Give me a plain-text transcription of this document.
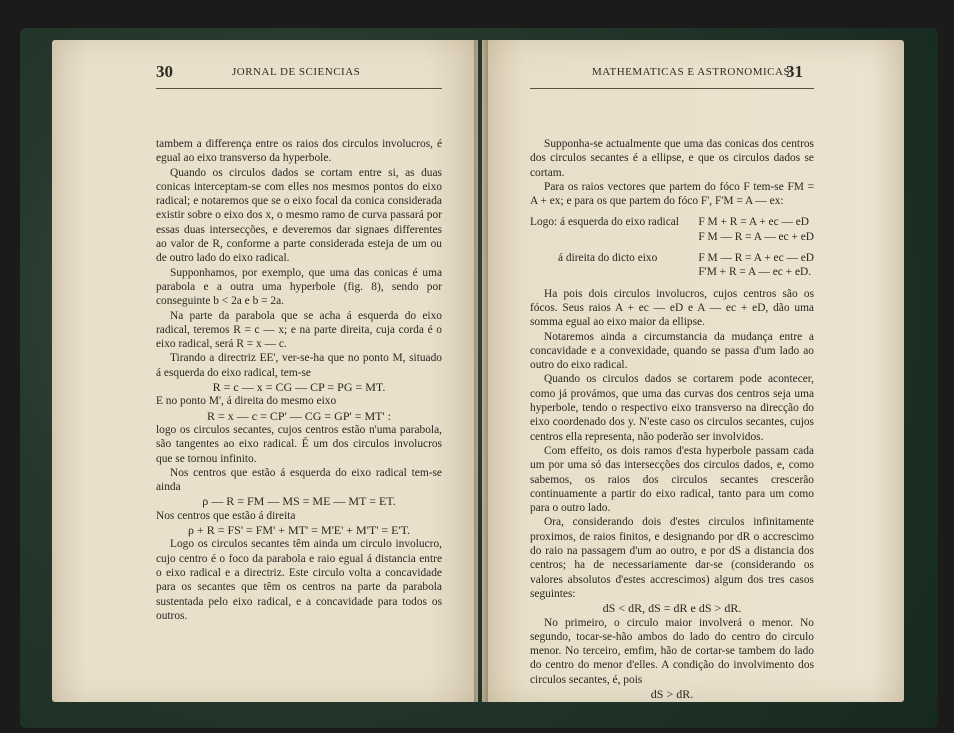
30	JORNAL DE SCIENCIAS	31
MATHEMATICAS E ASTRONOMICAS

tambem a differença entre os raios dos circulos involucros, é egual ao eixo transverso da hyperbole.

Quando os circulos dados se cortam entre si, as duas conicas interceptam-se com elles nos mesmos pontos do eixo radical; e notaremos que se o eixo focal da conica considerada existir sobre o eixo dos x, o mesmo ramo de curva passará por essas duas intersecções, e deveremos dar signaes differentes ao valor de R, conforme a parte considerada esteja de um ou de outro lado do eixo radical.

Supponhamos, por exemplo, que uma das conicas é uma parabola e a outra uma hyperbole (fig. 8), sendo por conseguinte b < 2a e b = 2a.

Na parte da parabola que se acha á esquerda do eixo radical, teremos R = c — x; e na parte direita, cuja corda é o eixo radical, será R = x — c.

Tirando a directriz EE', ver-se-ha que no ponto M, situado á esquerda do eixo radical, tem-se

R = c — x = CG — CP = PG = MT.

E no ponto M', á direita do mesmo eixo

R = x — c = CP' — CG = GP' = MT' :

logo os circulos secantes, cujos centros estão n'uma parabola, são tangentes ao eixo radical. É um dos circulos involucros que se tornou infinito.

Nos centros que estão á esquerda do eixo radical tem-se ainda

ρ — R = FM — MS = ME — MT = ET.

Nos centros que estão á direita

ρ + R = FS' = FM' + MT' = M'E' + M'T' = E'T.

Logo os circulos secantes têm ainda um circulo involucro, cujo centro é o foco da parabola e raio egual á distancia entre o eixo radical e a directriz. Este circulo volta a concavidade para os secantes que têm os centros na parte da parabola sustentada pelo eixo radical, e a concavidade para todos os outros.

Supponha-se actualmente que uma das conicas dos centros dos circulos secantes é a ellipse, e que os circulos dados se cortam.

Para os raios vectores que partem do fóco F tem-se FM = A + ex; e para os que partem do fóco F', F'M = A — ex:

Logo: á esquerda do eixo radical F M + R = A + ec — eD
F M — R = A — ec + eD
á direita do dicto eixo	F M — R = A + ec — eD
F'M + R = A — ec + eD.

Ha pois dois circulos involucros, cujos centros são os fócos. Seus raios A + ec — eD e A — ec + eD, dão uma somma egual ao eixo maior da ellipse.

Notaremos ainda a circumstancia da mudança entre a concavidade e a convexidade, quando se passa d'um lado ao outro do eixo radical.

Quando os circulos dados se cortarem pode acontecer, como já provámos, que uma das curvas dos centros seja uma hyperbole, tendo o respectivo eixo transverso na direcção do eixo coordenado dos y. N'este caso os circulos secantes, cujos centros ella representa, não poderão ser involvidos.

Com effeito, os dois ramos d'esta hyperbole passam cada um por uma só das intersecções dos circulos dados, e, como sabemos, os raios dos circulos secantes crescerão continuamente a partir do eixo radical, tanto para um como para o outro lado.

Ora, considerando dois d'estes circulos infinitamente proximos, de raios finitos, e designando por dR o accrescimo do raio na passagem d'um ao outro, e por dS a distancia dos centros; ha de necessariamente dar-se (considerando os valores absolutos d'estes accrescimos) algum dos tres casos seguintes:

dS < dR, dS = dR e dS > dR.

No primeiro, o circulo maior involverá o menor. No segundo, tocar-se-hão ambos do lado do centro do circulo menor. No terceiro, emfim, hão de cortar-se tambem do lado do centro do menor d'elles. A condição do involvimento dos circulos secantes, é, pois

dS > dR.
